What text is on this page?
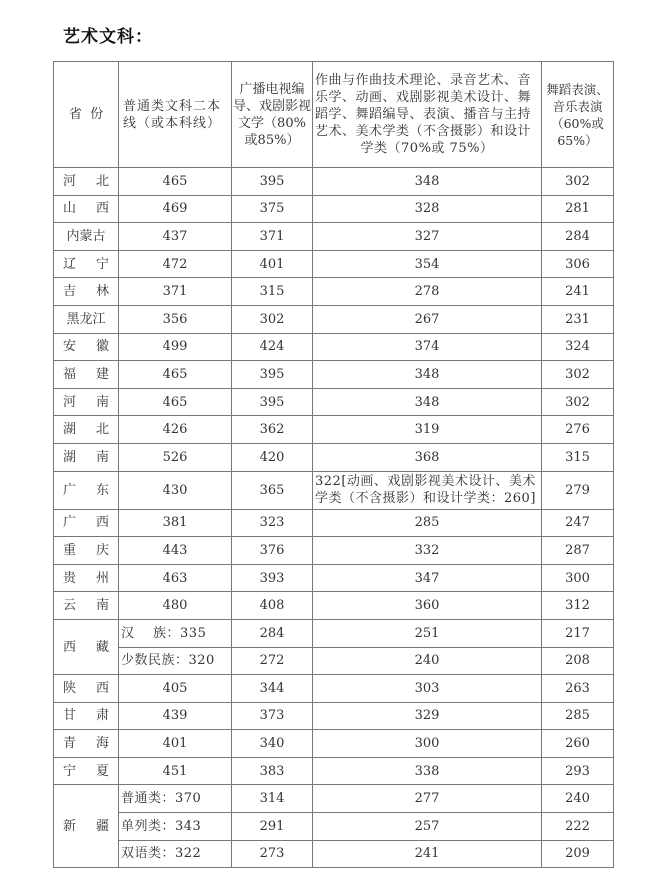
艺术文科：
省  份	普通类文科二本线（或本科线）	广播电视编导、戏剧影视文学（80%或85%）	作曲与作曲技术理论、录音艺术、音乐学、动画、戏剧影视美术设计、舞蹈学、舞蹈编导、表演、播音与主持艺术、美术学类（不含摄影）和设计
学类（70%或 75%）	舞蹈表演、音乐表演（60%或65%）
河 北	465	395	348	302
山 西	469	375	328	281
内蒙古	437	371	327	284
辽 宁	472	401	354	306
吉 林	371	315	278	241
黑龙江	356	302	267	231
安 徽	499	424	374	324
福 建	465	395	348	302
河 南	465	395	348	302
湖 北	426	362	319	276
湖 南	526	420	368	315
广 东	430	365	322[动画、戏剧影视美术设计、美术学类（不含摄影）和设计学类：260]	279
广 西	381	323	285	247
重 庆	443	376	332	287
贵 州	463	393	347	300
云 南	480	408	360	312
西 藏	汉    族：335	284	251	217
	少数民族：320	272	240	208
陕 西	405	344	303	263
甘 肃	439	373	329	285
青 海	401	340	300	260
宁 夏	451	383	338	293
新 疆	普通类：370	314	277	240
	单列类：343	291	257	222
	双语类：322	273	241	209
